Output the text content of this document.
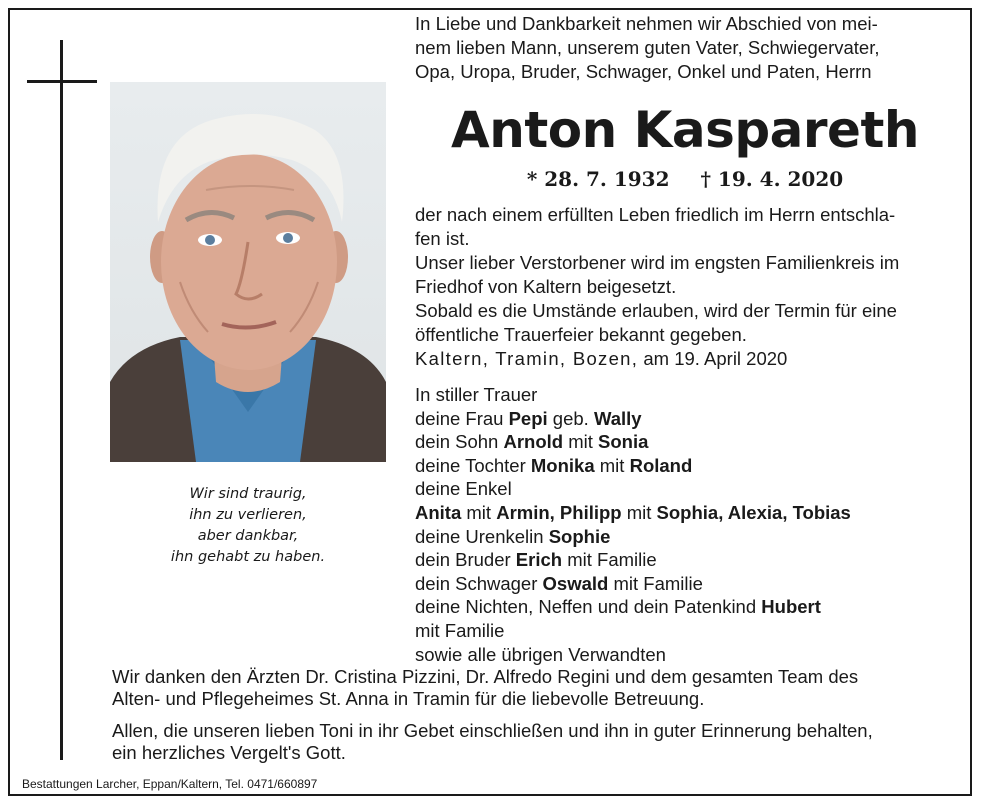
Wir sind traurig,
ihn zu verlieren,
aber dankbar,
ihn gehabt zu haben.
In Liebe und Dankbarkeit nehmen wir Abschied von mei-
nem lieben Mann, unserem guten Vater, Schwiegervater,
Opa, Uropa, Bruder, Schwager, Onkel und Paten, Herrn
Anton Kaspareth
* 28. 7. 1932 † 19. 4. 2020
der nach einem erfüllten Leben friedlich im Herrn entschla-
fen ist.
Unser lieber Verstorbener wird im engsten Familienkreis im
Friedhof von Kaltern beigesetzt.
Sobald es die Umstände erlauben, wird der Termin für eine
öffentliche Trauerfeier bekannt gegeben.
Kaltern, Tramin, Bozen, am 19. April 2020
In stiller Trauer
deine Frau Pepi geb. Wally
dein Sohn Arnold mit Sonia
deine Tochter Monika mit Roland
deine Enkel
Anita mit Armin, Philipp mit Sophia, Alexia, Tobias
deine Urenkelin Sophie
dein Bruder Erich mit Familie
dein Schwager Oswald mit Familie
deine Nichten, Neffen und dein Patenkind Hubert
mit Familie
sowie alle übrigen Verwandten
Wir danken den Ärzten Dr. Cristina Pizzini, Dr. Alfredo Regini und dem gesamten Team des
Alten- und Pflegeheimes St. Anna in Tramin für die liebevolle Betreuung.
Allen, die unseren lieben Toni in ihr Gebet einschließen und ihn in guter Erinnerung behalten,
ein herzliches Vergelt's Gott.
Bestattungen Larcher, Eppan/Kaltern, Tel. 0471/660897
